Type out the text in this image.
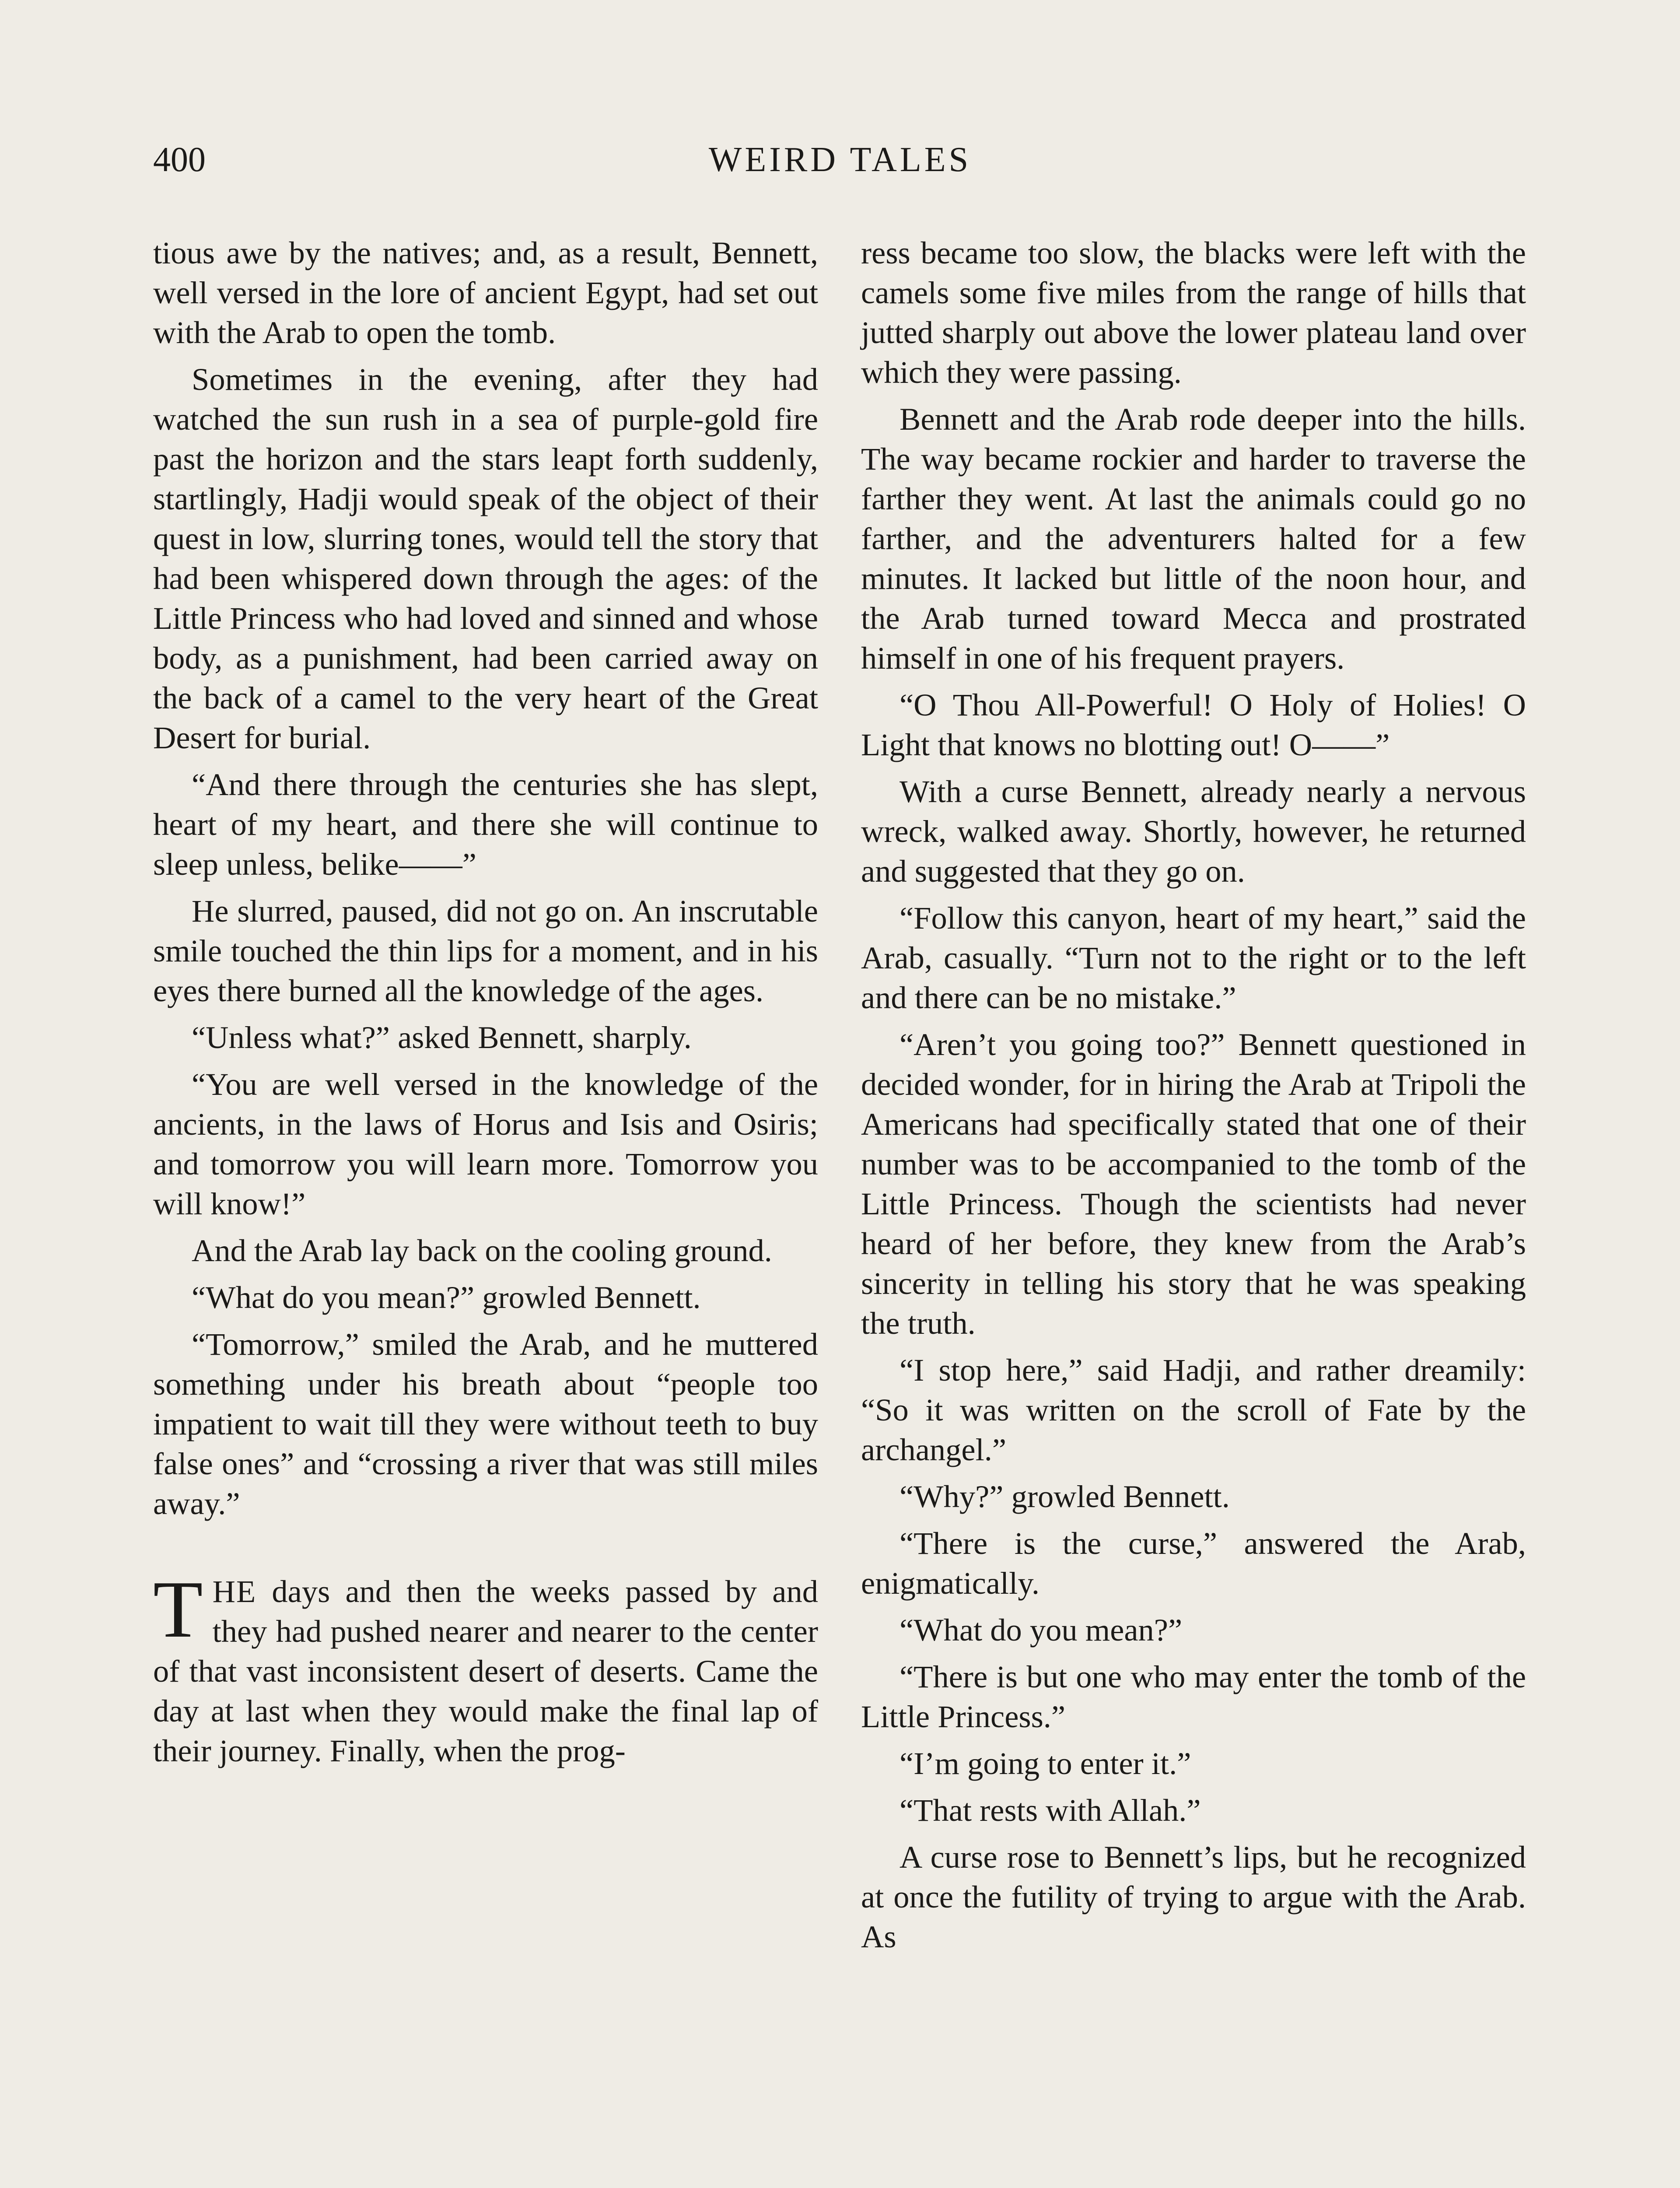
400	WEIRD TALES

tious awe by the natives; and, as a result, Bennett, well versed in the lore of ancient Egypt, had set out with the Arab to open the tomb.

Sometimes in the evening, after they had watched the sun rush in a sea of purple-gold fire past the horizon and the stars leapt forth suddenly, startlingly, Hadji would speak of the object of their quest in low, slurring tones, would tell the story that had been whispered down through the ages: of the Little Princess who had loved and sinned and whose body, as a punishment, had been carried away on the back of a camel to the very heart of the Great Desert for burial.

“And there through the centuries she has slept, heart of my heart, and there she will continue to sleep unless, belike——”

He slurred, paused, did not go on. An inscrutable smile touched the thin lips for a moment, and in his eyes there burned all the knowledge of the ages.

“Unless what?” asked Bennett, sharply.

“You are well versed in the knowledge of the ancients, in the laws of Horus and Isis and Osiris; and tomorrow you will learn more. Tomorrow you will know!”

And the Arab lay back on the cooling ground.

“What do you mean?” growled Bennett.

“Tomorrow,” smiled the Arab, and he muttered something under his breath about “people too impatient to wait till they were without teeth to buy false ones” and “crossing a river that was still miles away.”

THE days and then the weeks passed by and they had pushed nearer and nearer to the center of that vast inconsistent desert of deserts. Came the day at last when they would make the final lap of their journey. Finally, when the prog-

ress became too slow, the blacks were left with the camels some five miles from the range of hills that jutted sharply out above the lower plateau land over which they were passing.

Bennett and the Arab rode deeper into the hills. The way became rockier and harder to traverse the farther they went. At last the animals could go no farther, and the adventurers halted for a few minutes. It lacked but little of the noon hour, and the Arab turned toward Mecca and prostrated himself in one of his frequent prayers.

“O Thou All-Powerful! O Holy of Holies! O Light that knows no blotting out! O——”

With a curse Bennett, already nearly a nervous wreck, walked away. Shortly, however, he returned and suggested that they go on.

“Follow this canyon, heart of my heart,” said the Arab, casually. “Turn not to the right or to the left and there can be no mistake.”

“Aren’t you going too?” Bennett questioned in decided wonder, for in hiring the Arab at Tripoli the Americans had specifically stated that one of their number was to be accompanied to the tomb of the Little Princess. Though the scientists had never heard of her before, they knew from the Arab’s sincerity in telling his story that he was speaking the truth.

“I stop here,” said Hadji, and rather dreamily: “So it was written on the scroll of Fate by the archangel.”

“Why?” growled Bennett.

“There is the curse,” answered the Arab, enigmatically.

“What do you mean?”

“There is but one who may enter the tomb of the Little Princess.”

“I’m going to enter it.”

“That rests with Allah.”

A curse rose to Bennett’s lips, but he recognized at once the futility of trying to argue with the Arab. As
